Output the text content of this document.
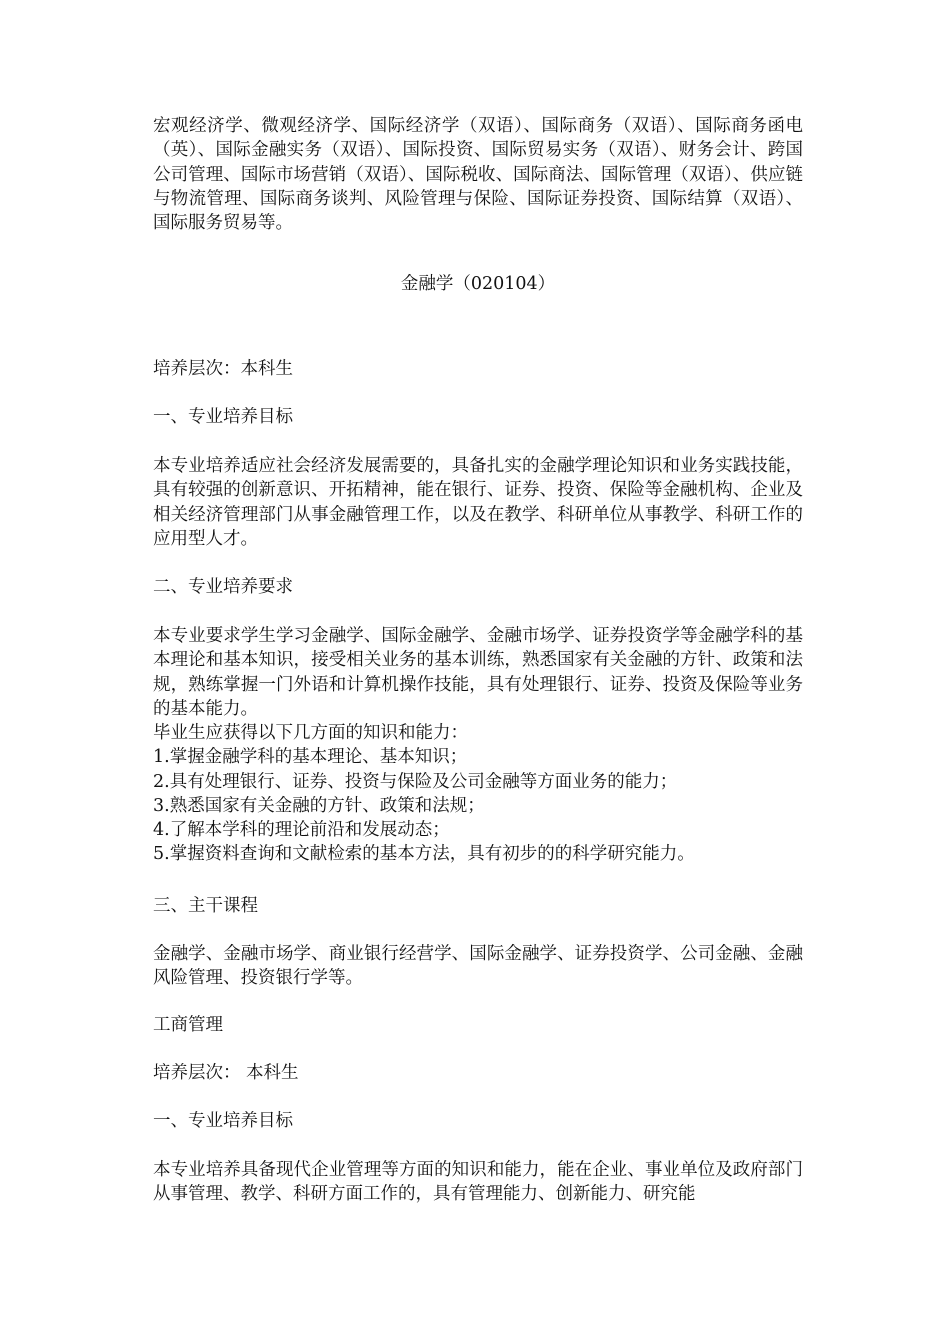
宏观经济学、微观经济学、国际经济学（双语）、国际商务（双语）、国际商务函电（英）、国际金融实务（双语）、国际投资、国际贸易实务（双语）、财务会计、跨国公司管理、国际市场营销（双语）、国际税收、国际商法、国际管理（双语）、供应链与物流管理、国际商务谈判、风险管理与保险、国际证券投资、国际结算（双语）、国际服务贸易等。

金融学（020104）

培养层次：本科生

一、专业培养目标

本专业培养适应社会经济发展需要的，具备扎实的金融学理论知识和业务实践技能，具有较强的创新意识、开拓精神，能在银行、证券、投资、保险等金融机构、企业及相关经济管理部门从事金融管理工作，以及在教学、科研单位从事教学、科研工作的应用型人才。

二、专业培养要求

本专业要求学生学习金融学、国际金融学、金融市场学、证券投资学等金融学科的基本理论和基本知识，接受相关业务的基本训练，熟悉国家有关金融的方针、政策和法规，熟练掌握一门外语和计算机操作技能，具有处理银行、证券、投资及保险等业务的基本能力。

毕业生应获得以下几方面的知识和能力：
1.掌握金融学科的基本理论、基本知识；
2.具有处理银行、证券、投资与保险及公司金融等方面业务的能力；
3.熟悉国家有关金融的方针、政策和法规；
4.了解本学科的理论前沿和发展动态；
5.掌握资料查询和文献检索的基本方法，具有初步的的科学研究能力。

三、主干课程

金融学、金融市场学、商业银行经营学、国际金融学、证券投资学、公司金融、金融风险管理、投资银行学等。

工商管理

培养层次： 本科生

一、专业培养目标

本专业培养具备现代企业管理等方面的知识和能力，能在企业、事业单位及政府部门从事管理、教学、科研方面工作的，具有管理能力、创新能力、研究能
